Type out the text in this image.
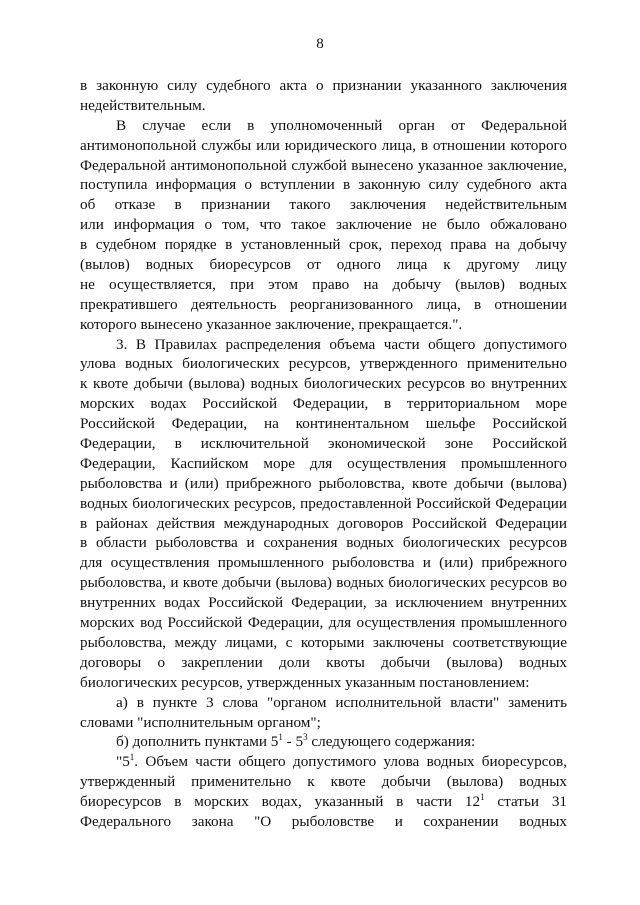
8
в законную силу судебного акта о признании указанного заключения
недействительным.
В случае если в уполномоченный орган от Федеральной
антимонопольной службы или юридического лица, в отношении которого
Федеральной антимонопольной службой вынесено указанное заключение,
поступила информация о вступлении в законную силу судебного акта
об отказе в признании такого заключения недействительным
или информация о том, что такое заключение не было обжаловано
в судебном порядке в установленный срок, переход права на добычу
(вылов) водных биоресурсов от одного лица к другому лицу
не осуществляется, при этом право на добычу (вылов) водных
прекратившего деятельность реорганизованного лица, в отношении
которого вынесено указанное заключение, прекращается.".
3. В Правилах распределения объема части общего допустимого
улова водных биологических ресурсов, утвержденного применительно
к квоте добычи (вылова) водных биологических ресурсов во внутренних
морских водах Российской Федерации, в территориальном море
Российской Федерации, на континентальном шельфе Российской
Федерации, в исключительной экономической зоне Российской
Федерации, Каспийском море для осуществления промышленного
рыболовства и (или) прибрежного рыболовства, квоте добычи (вылова)
водных биологических ресурсов, предоставленной Российской Федерации
в районах действия международных договоров Российской Федерации
в области рыболовства и сохранения водных биологических ресурсов
для осуществления промышленного рыболовства и (или) прибрежного
рыболовства, и квоте добычи (вылова) водных биологических ресурсов во
внутренних водах Российской Федерации, за исключением внутренних
морских вод Российской Федерации, для осуществления промышленного
рыболовства, между лицами, с которыми заключены соответствующие
договоры о закреплении доли квоты добычи (вылова) водных
биологических ресурсов, утвержденных указанным постановлением:
а) в пункте 3 слова "органом исполнительной власти" заменить
словами "исполнительным органом";
б) дополнить пунктами $5^1 - 5^3$ следующего содержания:
"$5^1$. Объем части общего допустимого улова водных биоресурсов,
утвержденный применительно к квоте добычи (вылова) водных
биоресурсов в морских водах, указанный в части $12^1$ статьи 31
Федерального закона "О рыболовстве и сохранении водных
